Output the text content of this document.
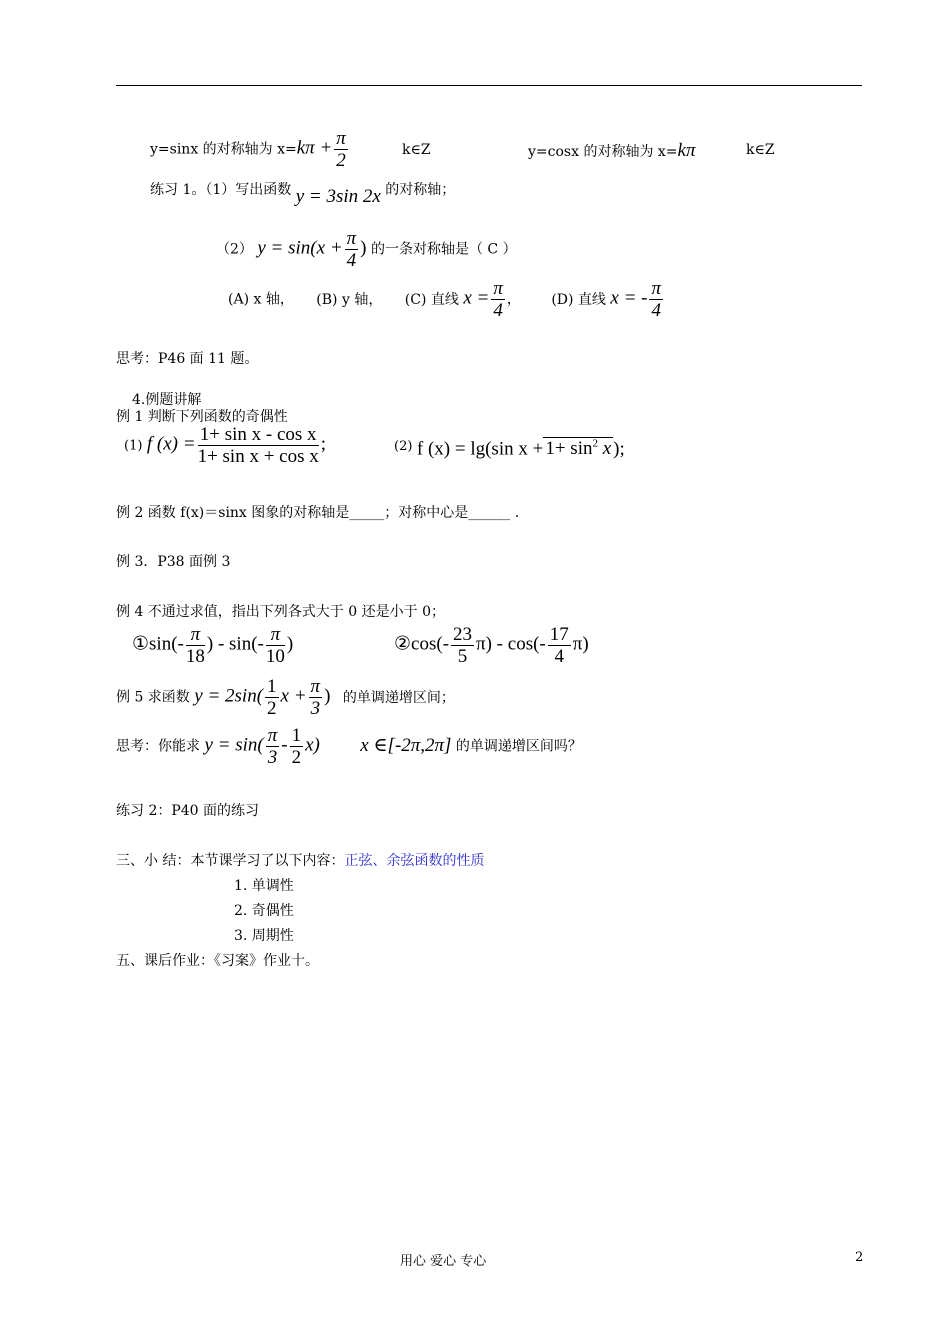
y=sinx 的对称轴为 $x=k\pi + \frac{\pi}{2}$	k∈Z	y=cosx 的对称轴为 x=kπ	k∈Z
练习 1。（1）写出函数 y = 3sin 2x 的对称轴；
（2） $y = \sin(x + \frac{\pi}{4}$ ) 的一条对称轴是（ C ）
(A) x 轴， (B) y 轴， (C) 直线 $x = \frac{\pi}{4}$ ， (D) 直线 x = - $\frac{\pi}{4}$
思考：P46 面 11 题。
4.例题讲解
例 1 判断下列函数的奇偶性
(1) f $(x) = \frac{\text{1+ sin x - cos x}}{\text{1+ sin x + cos x}}$ ;	(2) f (x) = lg(sin $x + 1+ \sin^2 x$ );
例 2 函数 f(x)＝sinx 图象的对称轴是_____；对称中心是______ .
例 3．P38 面例 3
例 4 不通过求值，指出下列各式大于 0 还是小于 0；
①sin(- $\frac{\pi}{18}$ ) - $\sin(- \frac{\pi}{10}$ )	②cos(- $\frac{23}{5} \pi) - \cos(- \frac{17}{4} \pi)$
例 5 求函数 $y = 2\sin( \frac{1}{2}$ $x + \frac{\pi}{3}$ ) 的单调递增区间；
思考：你能求 $y = \sin( \frac{\pi}{3} - \frac{1}{2} x)$ x ∈[-2π,2π] 的单调递增区间吗？
练习 2：P40 面的练习
三、小 结：本节课学习了以下内容：正弦、余弦函数的性质
1. 单调性
2. 奇偶性
3. 周期性
五、课后作业：《习案》作业十。
用心 爱心 专心	2
